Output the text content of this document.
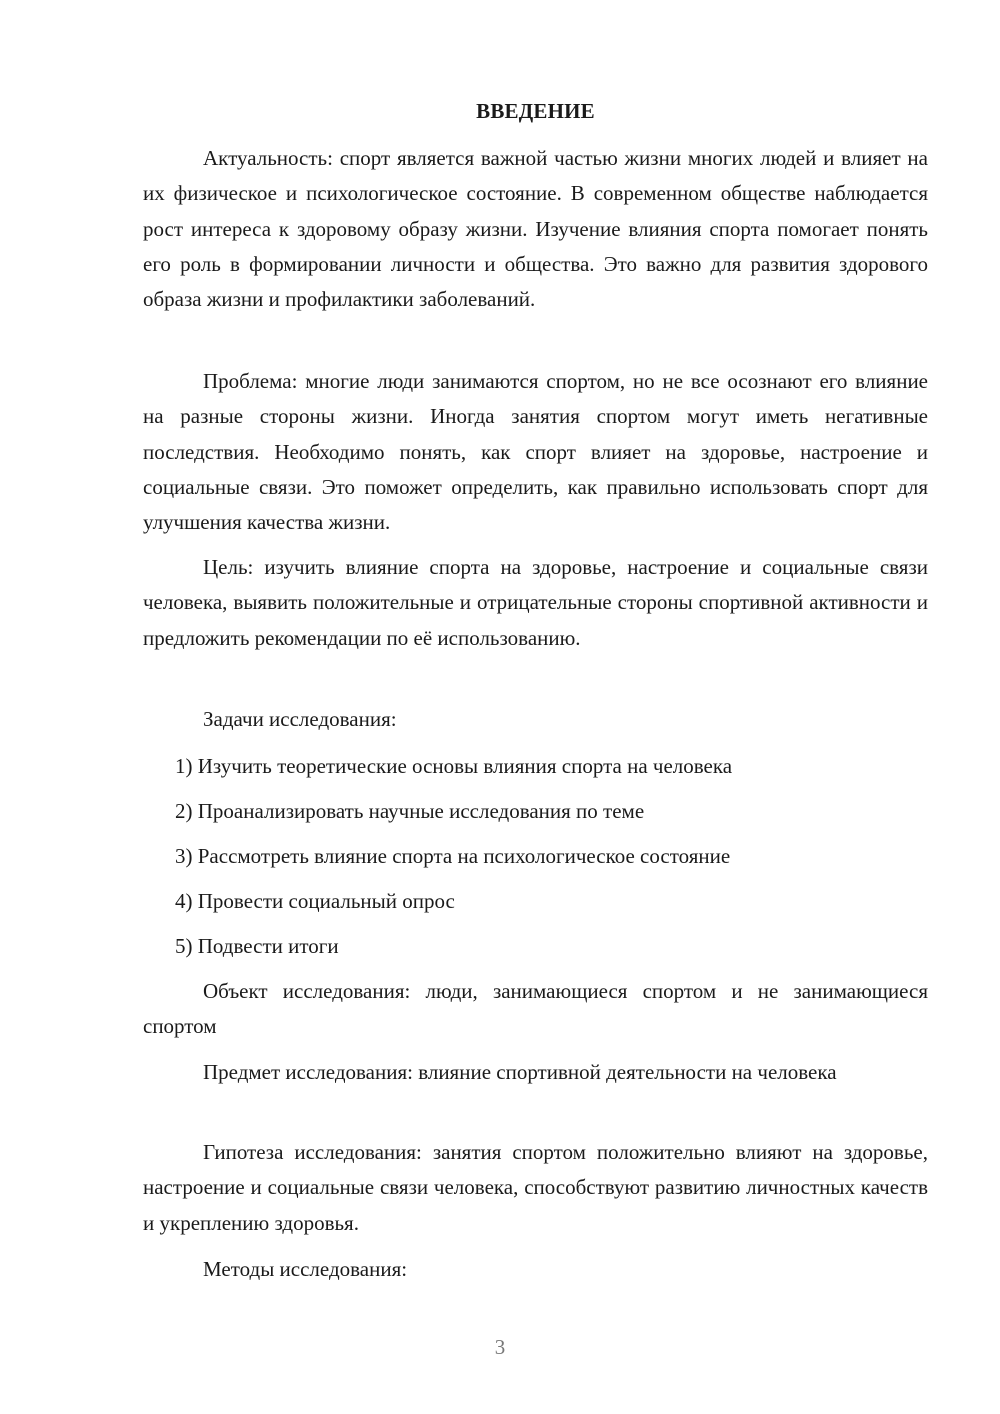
ВВЕДЕНИЕ

Актуальность: спорт является важной частью жизни многих людей и влияет на их физическое и психологическое состояние. В современном обществе наблюдается рост интереса к здоровому образу жизни. Изучение влияния спорта помогает понять его роль в формировании личности и общества. Это важно для развития здорового образа жизни и профилактики заболеваний.

Проблема: многие люди занимаются спортом, но не все осознают его влияние на разные стороны жизни. Иногда занятия спортом могут иметь негативные последствия. Необходимо понять, как спорт влияет на здоровье, настроение и социальные связи. Это поможет определить, как правильно использовать спорт для улучшения качества жизни.

Цель: изучить влияние спорта на здоровье, настроение и социальные связи человека, выявить положительные и отрицательные стороны спортивной активности и предложить рекомендации по её использованию.

Задачи исследования:

1) Изучить теоретические основы влияния спорта на человека
2) Проанализировать научные исследования по теме
3) Рассмотреть влияние спорта на психологическое состояние
4) Провести социальный опрос
5) Подвести итоги

Объект исследования: люди, занимающиеся спортом и не занимающиеся спортом

Предмет исследования: влияние спортивной деятельности на человека

Гипотеза исследования: занятия спортом положительно влияют на здоровье, настроение и социальные связи человека, способствуют развитию личностных качеств и укреплению здоровья.

Методы исследования:

3
